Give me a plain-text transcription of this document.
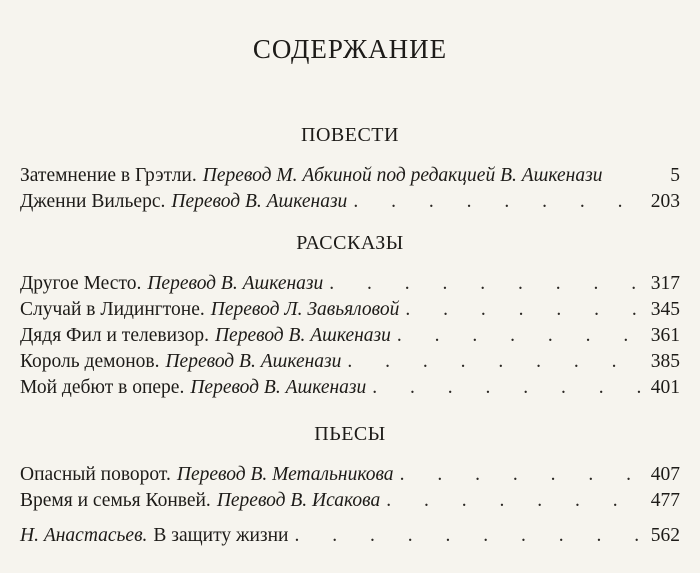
СОДЕРЖАНИЕ
ПОВЕСТИ
Затемнение в Грэтли. Перевод М. Абкиной под редакцией В. Ашкенази	5
Дженни Вильерс. Перевод В. Ашкенази . . .	203
РАССКАЗЫ
Другое Место. Перевод В. Ашкенази . . .	317
Случай в Лидингтоне. Перевод Л. Завьяловой . . .	345
Дядя Фил и телевизор. Перевод В. Ашкенази . . .	361
Король демонов. Перевод В. Ашкенази . . .	385
Мой дебют в опере. Перевод В. Ашкенази . . .	401
ПЬЕСЫ
Опасный поворот. Перевод В. Метальникова . . .	407
Время и семья Конвей. Перевод В. Исакова . . .	477
Н. Анастасьев. В защиту жизни . . .	562
